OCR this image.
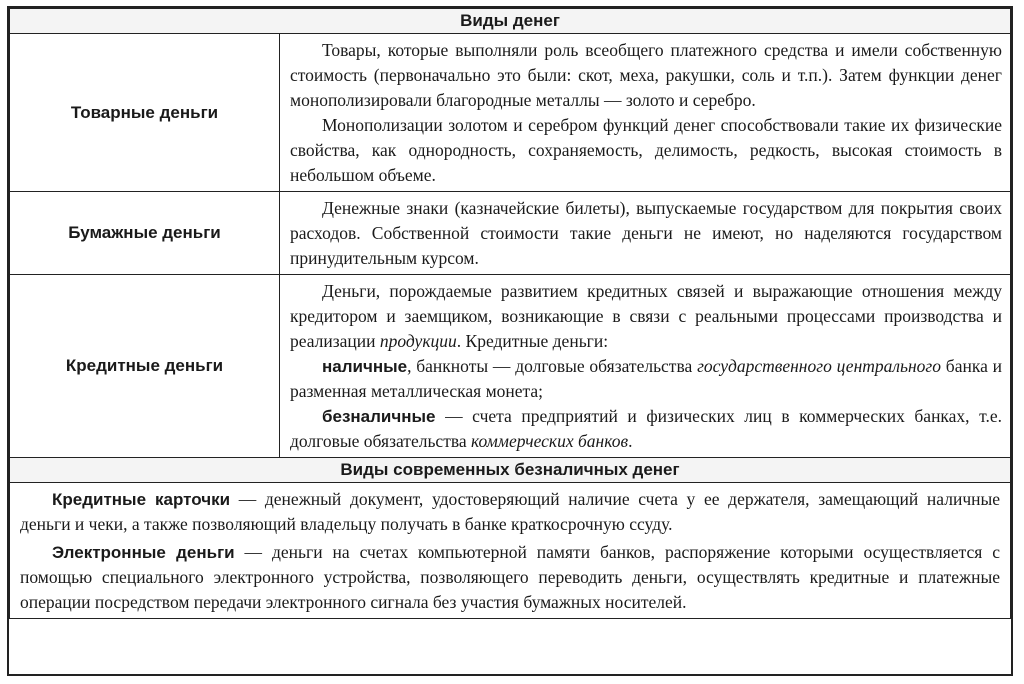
Виды денег	
Товарные деньги	Товары, которые выполняли роль всеобщего платежного средства и имели собственную стоимость (первоначально это были: скот, меха, ракушки, соль и т.п.). Затем функции денег монополизировали благородные металлы — золото и серебро.

Монополизации золотом и серебром функций денег способствовали такие их физические свойства, как однородность, сохраняемость, делимость, редкость, высокая стоимость в небольшом объеме.

Бумажные деньги	Денежные знаки (казначейские билеты), выпускаемые государством для покрытия своих расходов. Собственной стоимости такие деньги не имеют, но наделяются государством принудительным курсом.

Кредитные деньги	Деньги, порождаемые развитием кредитных связей и выражающие отношения между кредитором и заемщиком, возникающие в связи с реальными процессами производства и реализации продукции. Кредитные деньги:

наличные, банкноты — долговые обязательства государственного центрального банка и разменная металлическая монета;

безналичные — счета предприятий и физических лиц в коммерческих банках, т.е. долговые обязательства коммерческих банков.

Виды современных безналичных денег	

Кредитные карточки — денежный документ, удостоверяющий наличие счета у ее держателя, замещающий наличные деньги и чеки, а также позволяющий владельцу получать в банке краткосрочную ссуду.

Электронные деньги — деньги на счетах компьютерной памяти банков, распоряжение которыми осуществляется с помощью специального электронного устройства, позволяющего переводить деньги, осуществлять кредитные и платежные операции посредством передачи электронного сигнала без участия бумажных носителей.	
